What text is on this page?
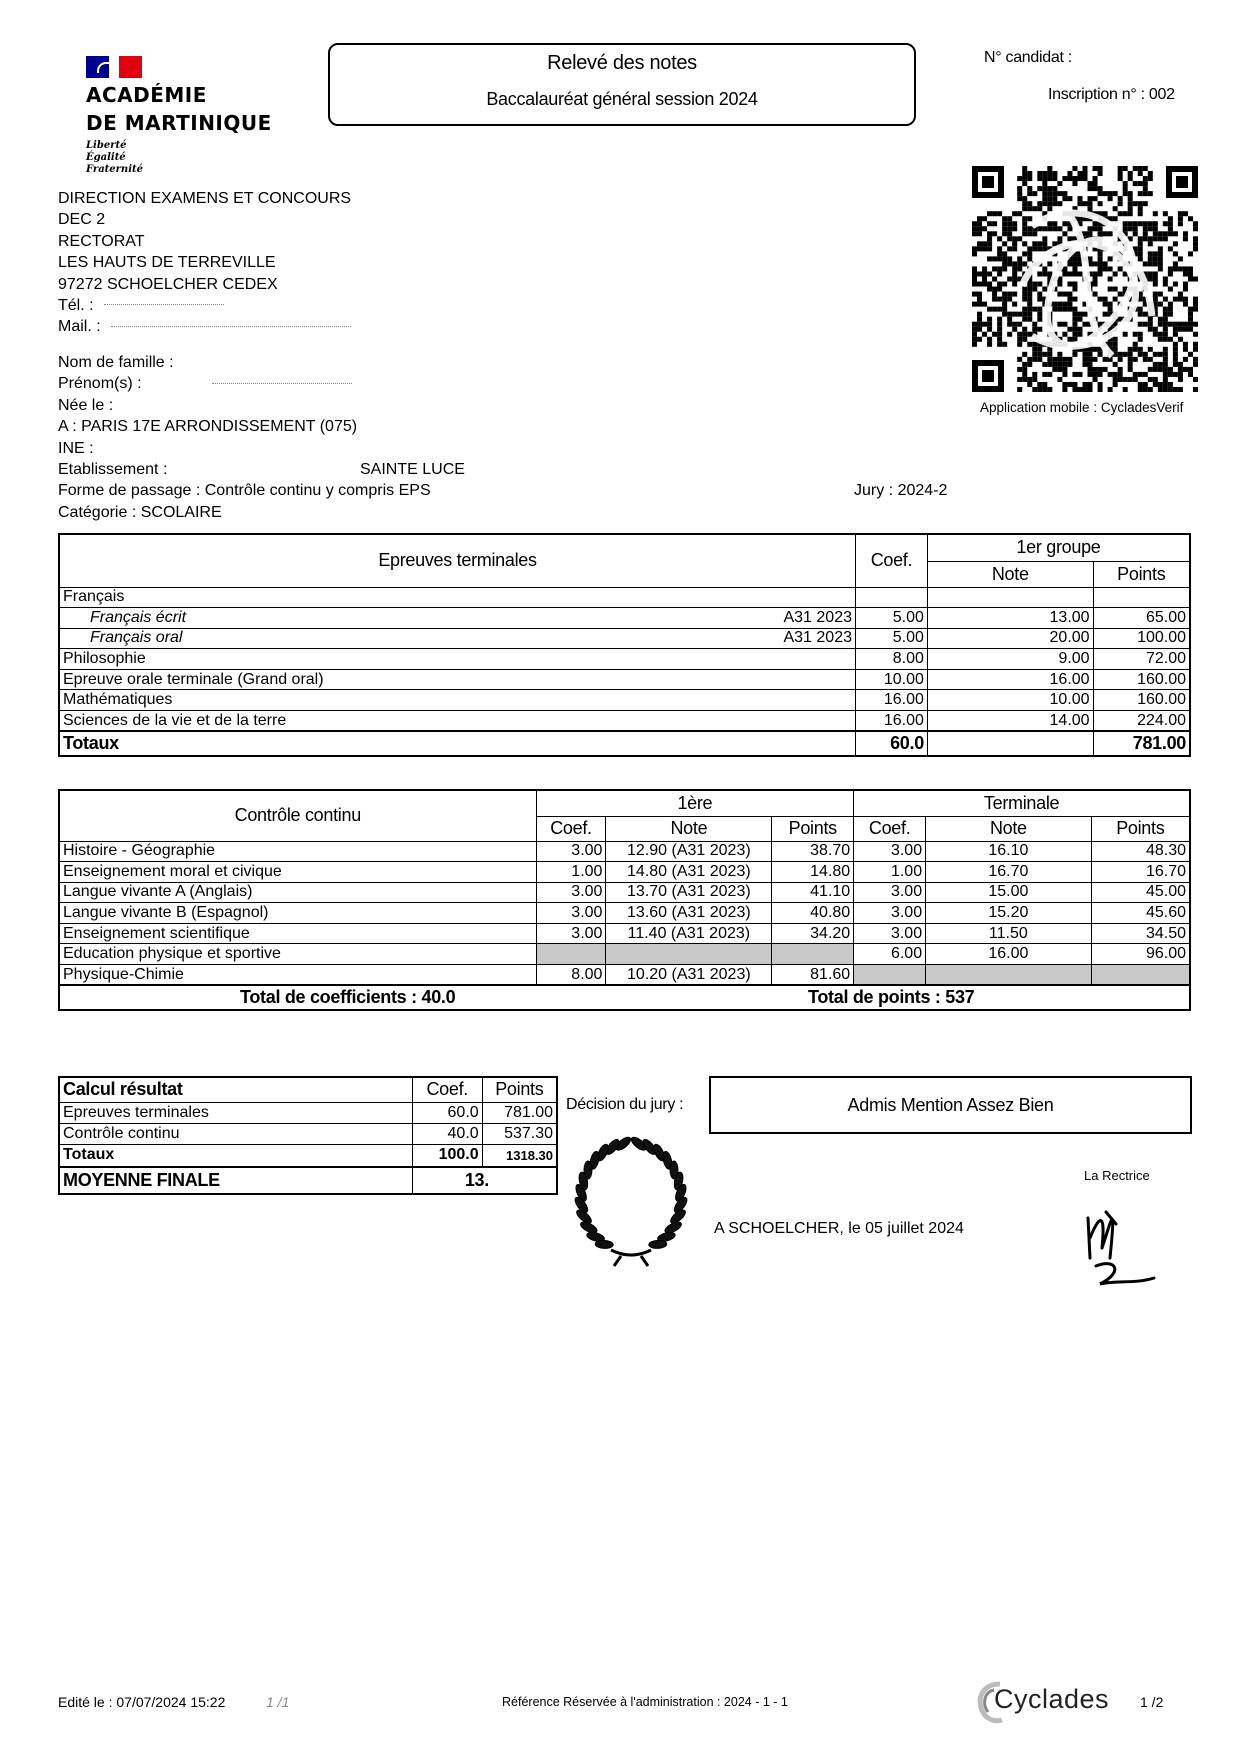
ACADÉMIE
DE MARTINIQUE
Liberté
Égalité
Fraternité
Relevé des notes
Baccalauréat général session 2024
N° candidat :
Inscription n° : 002
Application mobile : CycladesVerif
DIRECTION EXAMENS ET CONCOURS
DEC 2
RECTORAT
LES HAUTS DE TERREVILLE
97272 SCHOELCHER CEDEX
Tél. :
Mail. :
Nom de famille :
Prénom(s) :
Née le :
A : PARIS 17E ARRONDISSEMENT (075)
INE :
Etablissement :	SAINTE LUCE
Forme de passage : Contrôle continu y compris EPS	Jury : 2024-2
Catégorie : SCOLAIRE
Epreuves terminales	Coef.	1er groupe	
		Note	Points
Français			
Français écrit A31 2023	5.00	13.00	65.00
Français oral A31 2023	5.00	20.00	100.00
Philosophie	8.00	9.00	72.00
Epreuve orale terminale (Grand oral)	10.00	16.00	160.00
Mathématiques	16.00	10.00	160.00
Sciences de la vie et de la terre	16.00	14.00	224.00
Totaux	60.0		781.00
Contrôle continu	1ère			Terminale		
	Coef.	Note	Points	Coef.	Note	Points
Histoire - Géographie	3.00	12.90 (A31 2023)	38.70	3.00	16.10	48.30
Enseignement moral et civique	1.00	14.80 (A31 2023)	14.80	1.00	16.70	16.70
Langue vivante A (Anglais)	3.00	13.70 (A31 2023)	41.10	3.00	15.00	45.00
Langue vivante B (Espagnol)	3.00	13.60 (A31 2023)	40.80	3.00	15.20	45.60
Enseignement scientifique	3.00	11.40 (A31 2023)	34.20	3.00	11.50	34.50
Education physique et sportive				6.00	16.00	96.00
Physique-Chimie	8.00	10.20 (A31 2023)	81.60			

Total de coefficients : 40.0 Total de points : 537						
Calcul résultat	Coef.	Points
Epreuves terminales	60.0	781.00
Contrôle continu	40.0	537.30
Totaux	100.0	1318.30
MOYENNE FINALE	13.	
Décision du jury :	Admis Mention Assez Bien
A SCHOELCHER, le 05 juillet 2024
La Rectrice
Edité le : 07/07/2024 15:22	1 /1	Référence Réservée à l'administration : 2024 - 1 - 1	Cyclades 1 /2
